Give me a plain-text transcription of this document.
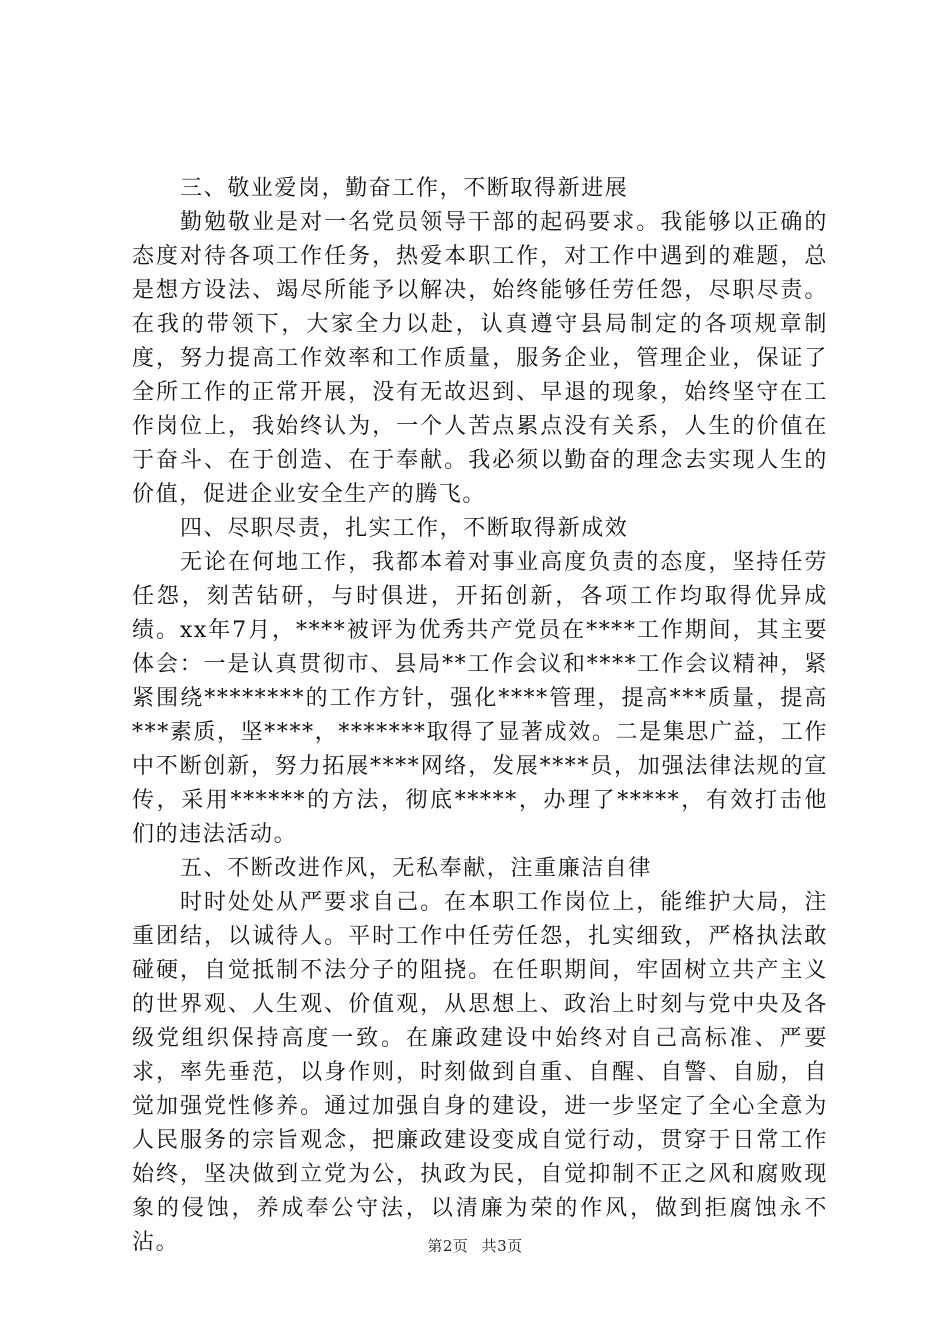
三、敬业爱岗，勤奋工作，不断取得新进展

勤勉敬业是对一名党员领导干部的起码要求。我能够以正确的态度对待各项工作任务，热爱本职工作，对工作中遇到的难题，总是想方设法、竭尽所能予以解决，始终能够任劳任怨，尽职尽责。在我的带领下，大家全力以赴，认真遵守县局制定的各项规章制度，努力提高工作效率和工作质量，服务企业，管理企业，保证了全所工作的正常开展，没有无故迟到、早退的现象，始终坚守在工作岗位上，我始终认为，一个人苦点累点没有关系，人生的价值在于奋斗、在于创造、在于奉献。我必须以勤奋的理念去实现人生的价值，促进企业安全生产的腾飞。

四、尽职尽责，扎实工作，不断取得新成效

无论在何地工作，我都本着对事业高度负责的态度，坚持任劳任怨，刻苦钻研，与时俱进，开拓创新，各项工作均取得优异成绩。xx年7月，****被评为优秀共产党员在****工作期间，其主要体会：一是认真贯彻市、县局**工作会议和****工作会议精神，紧紧围绕********的工作方针，强化****管理，提高***质量，提高***素质，坚****，*******取得了显著成效。二是集思广益，工作中不断创新，努力拓展****网络，发展****员，加强法律法规的宣传，采用******的方法，彻底*****，办理了*****，有效打击他们的违法活动。

五、不断改进作风，无私奉献，注重廉洁自律

时时处处从严要求自己。在本职工作岗位上，能维护大局，注重团结，以诚待人。平时工作中任劳任怨，扎实细致，严格执法敢碰硬，自觉抵制不法分子的阻挠。在任职期间，牢固树立共产主义的世界观、人生观、价值观，从思想上、政治上时刻与党中央及各级党组织保持高度一致。在廉政建设中始终对自己高标准、严要求，率先垂范，以身作则，时刻做到自重、自醒、自警、自励，自觉加强党性修养。通过加强自身的建设，进一步坚定了全心全意为人民服务的宗旨观念，把廉政建设变成自觉行动，贯穿于日常工作始终，坚决做到立党为公，执政为民，自觉抑制不正之风和腐败现象的侵蚀，养成奉公守法，以清廉为荣的作风，做到拒腐蚀永不沾。	第2页 共3页
